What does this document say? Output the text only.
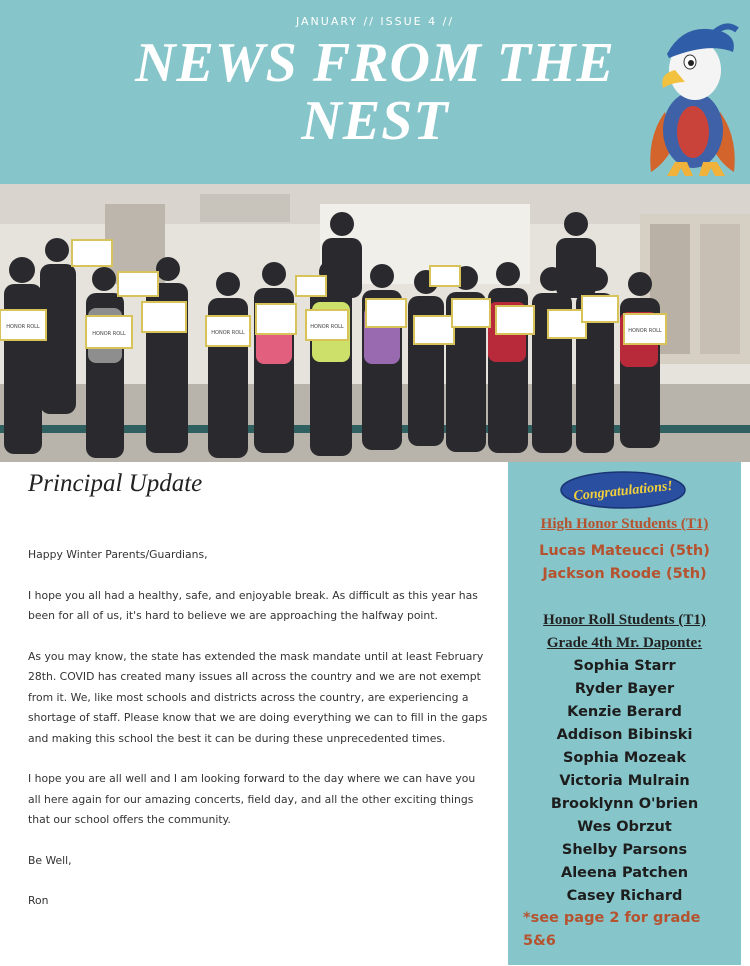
JANUARY // ISSUE 4 //
NEWS FROM THE
NEST
HONOR ROLL
HONOR ROLL	HONOR ROLL
HONOR ROLL
HONOR ROLL
Principal Update

Happy Winter Parents/Guardians,

I hope you all had a healthy, safe, and enjoyable break. As difficult as this year has been for all of us, it's hard to believe we are approaching the halfway point.

As you may know, the state has extended the mask mandate until at least February 28th. COVID has created many issues all across the country and we are not exempt from it. We, like most schools and districts across the country, are experiencing a shortage of staff. Please know that we are doing everything we can to fill in the gaps and making this school the best it can be during these unprecedented times.

I hope you are all well and I am looking forward to the day where we can have you all here again for our amazing concerts, field day, and all the other exciting things that our school offers the community.

Be Well,

Ron

Congratulations!
High Honor Students (T1)
Lucas Mateucci (5th)
Jackson Roode (5th)
Honor Roll Students (T1)
Grade 4th Mr. Daponte:
Sophia Starr
Ryder Bayer
Kenzie Berard
Addison Bibinski
Sophia Mozeak
Victoria Mulrain
Brooklynn O'brien
Wes Obrzut
Shelby Parsons
Aleena Patchen
Casey Richard
*see page 2 for grade 5&6
